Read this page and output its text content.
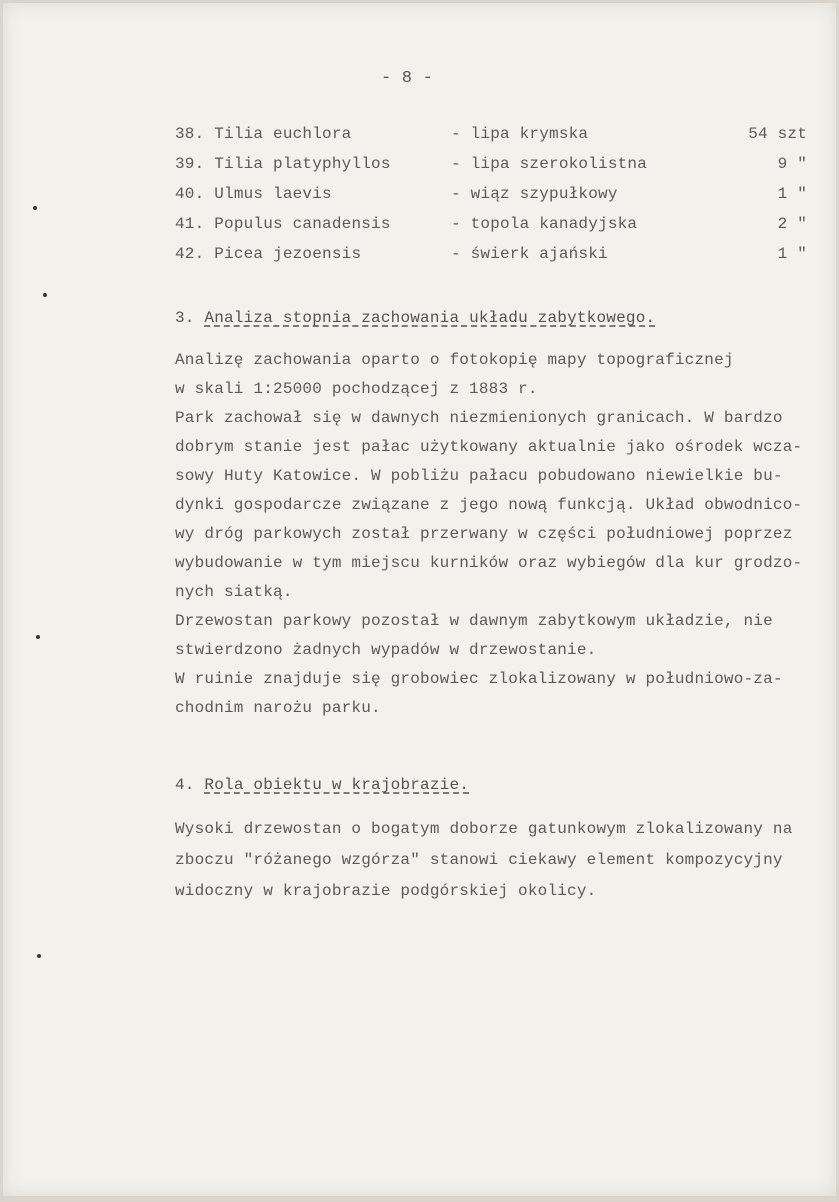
- 8 -
38. Tilia euchlora	- lipa krymska	54 szt
39. Tilia platyphyllos	- lipa szerokolistna	9 "
40. Ulmus laevis	- wiąz szypułkowy	1 "
41. Populus canadensis	- topola kanadyjska	2 "
42. Picea jezoensis	- świerk ajański	1 "
3. Analiza stopnia zachowania układu zabytkowego.
Analizę zachowania oparto o fotokopię mapy topograficznej
w skali 1:25000 pochodzącej z 1883 r.
Park zachował się w dawnych niezmienionych granicach. W bardzo
dobrym stanie jest pałac użytkowany aktualnie jako ośrodek wcza-
sowy Huty Katowice. W pobliżu pałacu pobudowano niewielkie bu-
dynki gospodarcze związane z jego nową funkcją. Układ obwodnico-
wy dróg parkowych został przerwany w części południowej poprzez
wybudowanie w tym miejscu kurników oraz wybiegów dla kur grodzo-
nych siatką.
Drzewostan parkowy pozostał w dawnym zabytkowym układzie, nie
stwierdzono żadnych wypadów w drzewostanie.
W ruinie znajduje się grobowiec zlokalizowany w południowo-za-
chodnim narożu parku.
4. Rola obiektu w krajobrazie.
Wysoki drzewostan o bogatym doborze gatunkowym zlokalizowany na
zboczu "różanego wzgórza" stanowi ciekawy element kompozycyjny
widoczny w krajobrazie podgórskiej okolicy.
